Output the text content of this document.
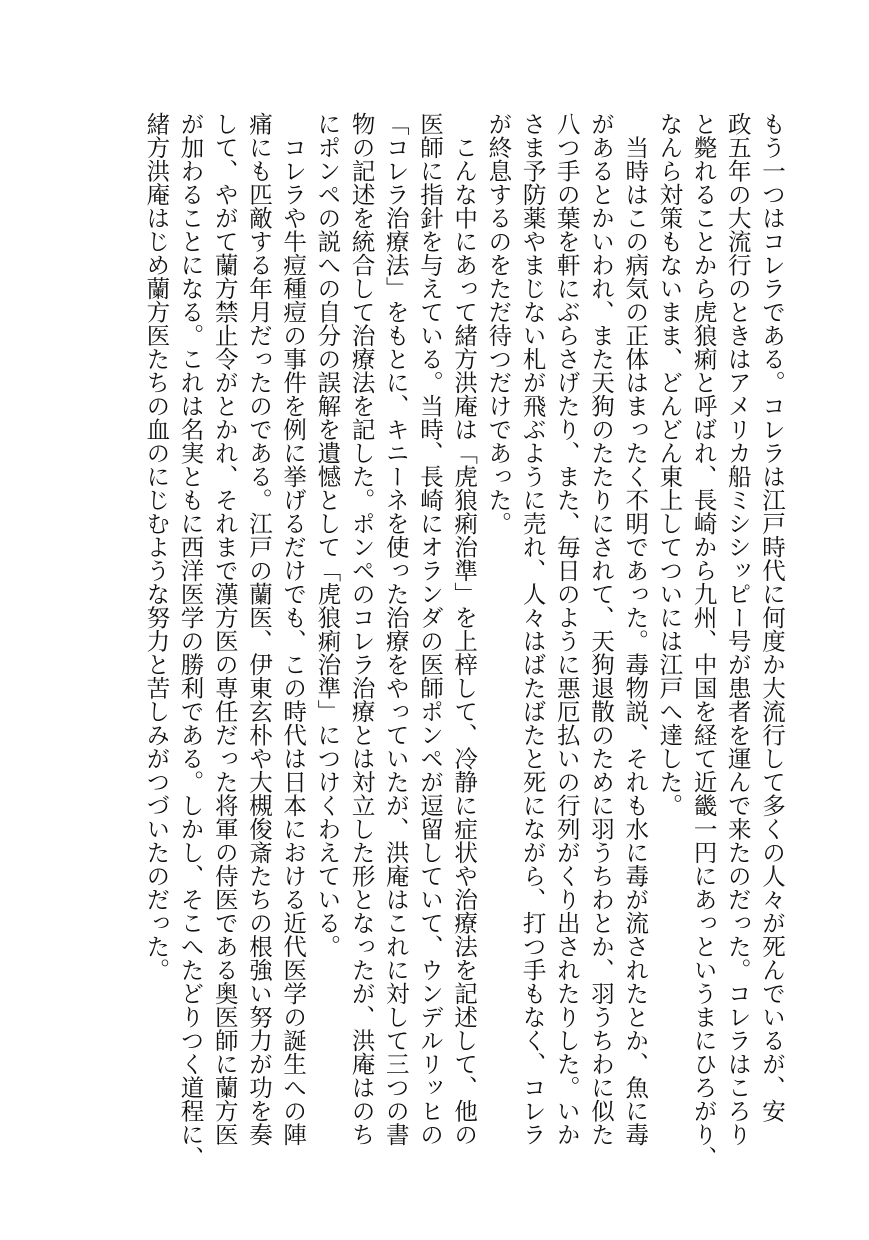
もう一つはコレラである。コレラは江戸時代に何度か大流行して多くの人々が死んでいるが、安
政五年の大流行のときはアメリカ船ミシシッピー号が患者を運んで来たのだった。コレラはころり
と斃れることから虎狼痢と呼ばれ、長崎から九州、中国を経て近畿一円にあっというまにひろがり、
なんら対策もないまま、どんどん東上してついには江戸へ達した。
　当時はこの病気の正体はまったく不明であった。毒物説、それも水に毒が流されたとか、魚に毒
があるとかいわれ、また天狗のたたりにされて、天狗退散のために羽うちわとか、羽うちわに似た
八つ手の葉を軒にぶらさげたり、また、毎日のように悪厄払いの行列がくり出されたりした。いか
さま予防薬やまじない札が飛ぶように売れ、人々はばたばたと死にながら、打つ手もなく、コレラ
が終息するのをただ待つだけであった。
　こんな中にあって緒方洪庵は「虎狼痢治準」を上梓して、冷静に症状や治療法を記述して、他の
医師に指針を与えている。当時、長崎にオランダの医師ポンペが逗留していて、ウンデルリッヒの
「コレラ治療法」をもとに、キニーネを使った治療をやっていたが、洪庵はこれに対して三つの書
物の記述を統合して治療法を記した。ポンペのコレラ治療とは対立した形となったが、洪庵はのち
にポンペの説への自分の誤解を遺憾として「虎狼痢治準」につけくわえている。
　コレラや牛痘種痘の事件を例に挙げるだけでも、この時代は日本における近代医学の誕生への陣
痛にも匹敵する年月だったのである。江戸の蘭医、伊東玄朴や大槻俊斎たちの根強い努力が功を奏
して、やがて蘭方禁止令がとかれ、それまで漢方医の専任だった将軍の侍医である奥医師に蘭方医
が加わることになる。これは名実ともに西洋医学の勝利である。しかし、そこへたどりつく道程に、
緒方洪庵はじめ蘭方医たちの血のにじむような努力と苦しみがつづいたのだった。
